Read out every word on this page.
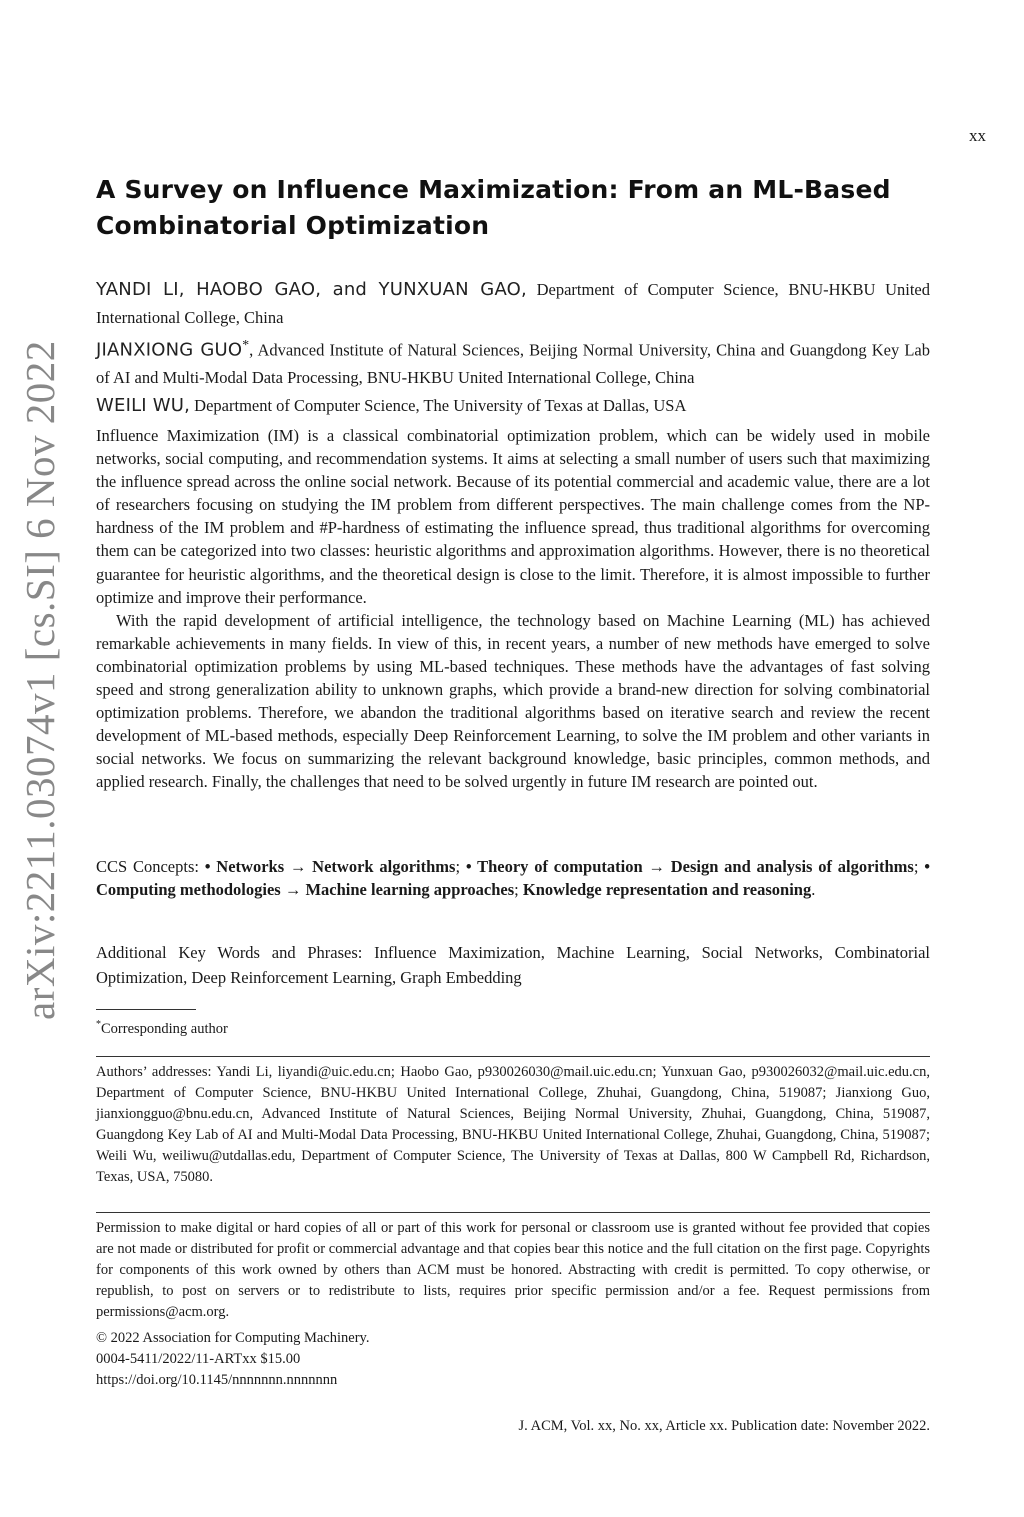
xx
arXiv:2211.03074v1 [cs.SI] 6 Nov 2022
A Survey on Influence Maximization: From an ML-Based
Combinatorial Optimization

YANDI LI, HAOBO GAO, and YUNXUAN GAO, Department of Computer Science, BNU-HKBU United International College, China

JIANXIONG GUO*, Advanced Institute of Natural Sciences, Beijing Normal University, China and Guangdong Key Lab of AI and Multi-Modal Data Processing, BNU-HKBU United International College, China

WEILI WU, Department of Computer Science, The University of Texas at Dallas, USA

Influence Maximization (IM) is a classical combinatorial optimization problem, which can be widely used in mobile networks, social computing, and recommendation systems. It aims at selecting a small number of users such that maximizing the influence spread across the online social network. Because of its potential commercial and academic value, there are a lot of researchers focusing on studying the IM problem from different perspectives. The main challenge comes from the NP-hardness of the IM problem and #P-hardness of estimating the influence spread, thus traditional algorithms for overcoming them can be categorized into two classes: heuristic algorithms and approximation algorithms. However, there is no theoretical guarantee for heuristic algorithms, and the theoretical design is close to the limit. Therefore, it is almost impossible to further optimize and improve their performance.

With the rapid development of artificial intelligence, the technology based on Machine Learning (ML) has achieved remarkable achievements in many fields. In view of this, in recent years, a number of new methods have emerged to solve combinatorial optimization problems by using ML-based techniques. These methods have the advantages of fast solving speed and strong generalization ability to unknown graphs, which provide a brand-new direction for solving combinatorial optimization problems. Therefore, we abandon the traditional algorithms based on iterative search and review the recent development of ML-based methods, especially Deep Reinforcement Learning, to solve the IM problem and other variants in social networks. We focus on summarizing the relevant background knowledge, basic principles, common methods, and applied research. Finally, the challenges that need to be solved urgently in future IM research are pointed out.

CCS Concepts: • Networks → Network algorithms; • Theory of computation → Design and analysis of algorithms; • Computing methodologies → Machine learning approaches; Knowledge representation and reasoning.
Additional Key Words and Phrases: Influence Maximization, Machine Learning, Social Networks, Combinatorial Optimization, Deep Reinforcement Learning, Graph Embedding
*Corresponding author
Authors’ addresses: Yandi Li, liyandi@uic.edu.cn; Haobo Gao, p930026030@mail.uic.edu.cn; Yunxuan Gao, p930026032@mail.uic.edu.cn, Department of Computer Science, BNU-HKBU United International College, Zhuhai, Guangdong, China, 519087; Jianxiong Guo, jianxiongguo@bnu.edu.cn, Advanced Institute of Natural Sciences, Beijing Normal University, Zhuhai, Guangdong, China, 519087, Guangdong Key Lab of AI and Multi-Modal Data Processing, BNU-HKBU United International College, Zhuhai, Guangdong, China, 519087; Weili Wu, weiliwu@utdallas.edu, Department of Computer Science, The University of Texas at Dallas, 800 W Campbell Rd, Richardson, Texas, USA, 75080.

Permission to make digital or hard copies of all or part of this work for personal or classroom use is granted without fee provided that copies are not made or distributed for profit or commercial advantage and that copies bear this notice and the full citation on the first page. Copyrights for components of this work owned by others than ACM must be honored. Abstracting with credit is permitted. To copy otherwise, or republish, to post on servers or to redistribute to lists, requires prior specific permission and/or a fee. Request permissions from permissions@acm.org.

© 2022 Association for Computing Machinery.
0004-5411/2022/11-ARTxx $15.00
https://doi.org/10.1145/nnnnnnn.nnnnnnn
J. ACM, Vol. xx, No. xx, Article xx. Publication date: November 2022.
